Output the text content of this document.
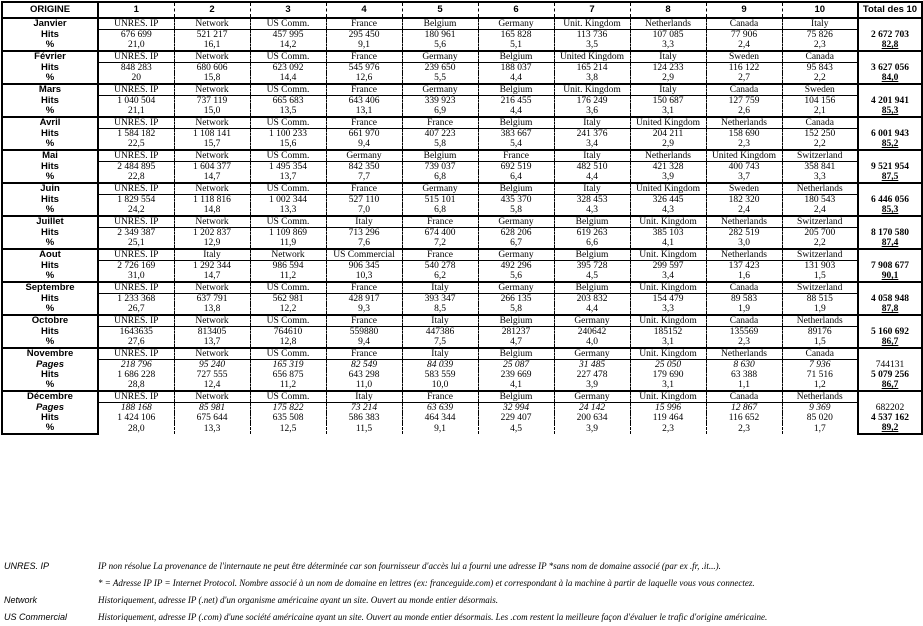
ORIGINE	1	2	3	4	5	6	7	8	9	10	Total des 10
Janvier	UNRES. IP	Network	US Comm.	France	Belgium	Germany	Unit. Kingdom	Netherlands	Canada	Italy	
Hits	676 699	521 217	457 995	295 450	180 961	165 828	113 736	107 085	77 906	75 826	2 672 703
%	21,0	16,1	14,2	9,1	5,6	5,1	3,5	3,3	2,4	2,3	82,8
Février	UNRES. IP	Network	US Comm.	France	Germany	Belgium	United Kingdom	Italy	Sweden	Canada	
Hits	848 283	680 606	623 092	545 976	239 650	188 037	165 214	124 233	116 122	95 843	3 627 056
%	20	15,8	14,4	12,6	5,5	4,4	3,8	2,9	2,7	2,2	84,0
Mars	UNRES. IP	Network	US Comm.	France	Germany	Belgium	Unit. Kingdom	Italy	Canada	Sweden	
Hits	1 040 504	737 119	665 683	643 406	339 923	216 455	176 249	150 687	127 759	104 156	4 201 941
%	21,1	15,0	13,5	13,1	6,9	4,4	3,6	3,1	2,6	2,1	85,3
Avril	UNRES. IP	Network	US Comm.	France	France	Belgium	Italy	United Kingdom	Netherlands	Canada	
Hits	1 584 182	1 108 141	1 100 233	661 970	407 223	383 667	241 376	204 211	158 690	152 250	6 001 943
%	22,5	15,7	15,6	9,4	5,8	5,4	3,4	2,9	2,3	2,2	85,2
Mai	UNRES. IP	Network	US Comm.	Germany	Belgium	France	Italy	Netherlands	United Kingdom	Switzerland	
Hits	2 484 895	1 604 377	1 495 354	842 350	739 037	692 519	482 510	421 328	400 743	358 841	9 521 954
%	22,8	14,7	13,7	7,7	6,8	6,4	4,4	3,9	3,7	3,3	87,5
Juin	UNRES. IP	Network	US Comm.	France	Germany	Belgium	Italy	United Kingdom	Sweden	Netherlands	
Hits	1 829 554	1 118 816	1 002 344	527 110	515 101	435 370	328 453	326 445	182 320	180 543	6 446 056
%	24,2	14,8	13,3	7,0	6,8	5,8	4,3	4,3	2,4	2,4	85,3
Juillet	UNRES. IP	Network	US Comm.	Italy	France	Germany	Belgium	Unit. Kingdom	Netherlands	Switzerland	
Hits	2 349 387	1 202 837	1 109 869	713 296	674 400	628 206	619 263	385 103	282 519	205 700	8 170 580
%	25,1	12,9	11,9	7,6	7,2	6,7	6,6	4,1	3,0	2,2	87,4
Aout	UNRES. IP	Italy	Network	US Commercial	France	Germany	Belgium	Unit. Kingdom	Netherlands	Switzerland	
Hits	2 726 169	1 292 344	986 594	906 345	540 278	492 296	395 728	299 597	137 423	131 903	7 908 677
%	31,0	14,7	11,2	10,3	6,2	5,6	4,5	3,4	1,6	1,5	90,1
Septembre	UNRES. IP	Network	US Comm.	France	Italy	Germany	Belgium	Unit. Kingdom	Canada	Switzerland	
Hits	1 233 368	637 791	562 981	428 917	393 347	266 135	203 832	154 479	89 583	88 515	4 058 948
%	26,7	13,8	12,2	9,3	8,5	5,8	4,4	3,3	1,9	1,9	87,8
Octobre	UNRES. IP	Network	US Comm.	France	Italy	Belgium	Germany	Unit. Kingdom	Canada	Netherlands	
Hits	1643635	813405	764610	559880	447386	281237	240642	185152	135569	89176	5 160 692
%	27,6	13,7	12,8	9,4	7,5	4,7	4,0	3,1	2,3	1,5	86,7
Novembre	UNRES. IP	Network	US Comm.	France	Italy	Belgium	Germany	Unit. Kingdom	Netherlands	Canada	
Pages	218 796	95 240	165 319	82 549	84 039	25 087	31 485	25 050	8 630	7 936	744131
Hits	1 686 228	727 555	656 875	643 298	583 559	239 669	227 478	179 690	63 388	71 516	5 079 256
%	28,8	12,4	11,2	11,0	10,0	4,1	3,9	3,1	1,1	1,2	86,7
Décembre	UNRES. IP	Network	US Comm.	Italy	France	Belgium	Germany	Unit. Kingdom	Canada	Netherlands	
Pages	188 168	85 981	175 822	73 214	63 639	32 994	24 142	15 996	12 867	9 369	682202
Hits	1 424 106	675 644	635 508	586 383	464 344	229 407	200 634	119 464	116 652	85 020	4 537 162
%	28,0	13,3	12,5	11,5	9,1	4,5	3,9	2,3	2,3	1,7	89,2
UNRES. IP	IP non résolue La provenance de l'internaute ne peut être déterminée car son fournisseur d'accès lui a fourni une adresse IP *sans nom de domaine associé (par ex .fr, .it...).
* = Adresse IP IP = Internet Protocol. Nombre associé à un nom de domaine en lettres (ex: franceguide.com) et correspondant à la machine à partir de laquelle vous vous connectez.
Network	Historiquement, adresse IP (.net) d'un organisme américaine ayant un site. Ouvert au monde entier désormais.
US Commercial	Historiquement, adresse IP (.com) d'une société américaine ayant un site. Ouvert au monde entier désormais. Les .com restent la meilleure façon d'évaluer le trafic d'origine américaine.
